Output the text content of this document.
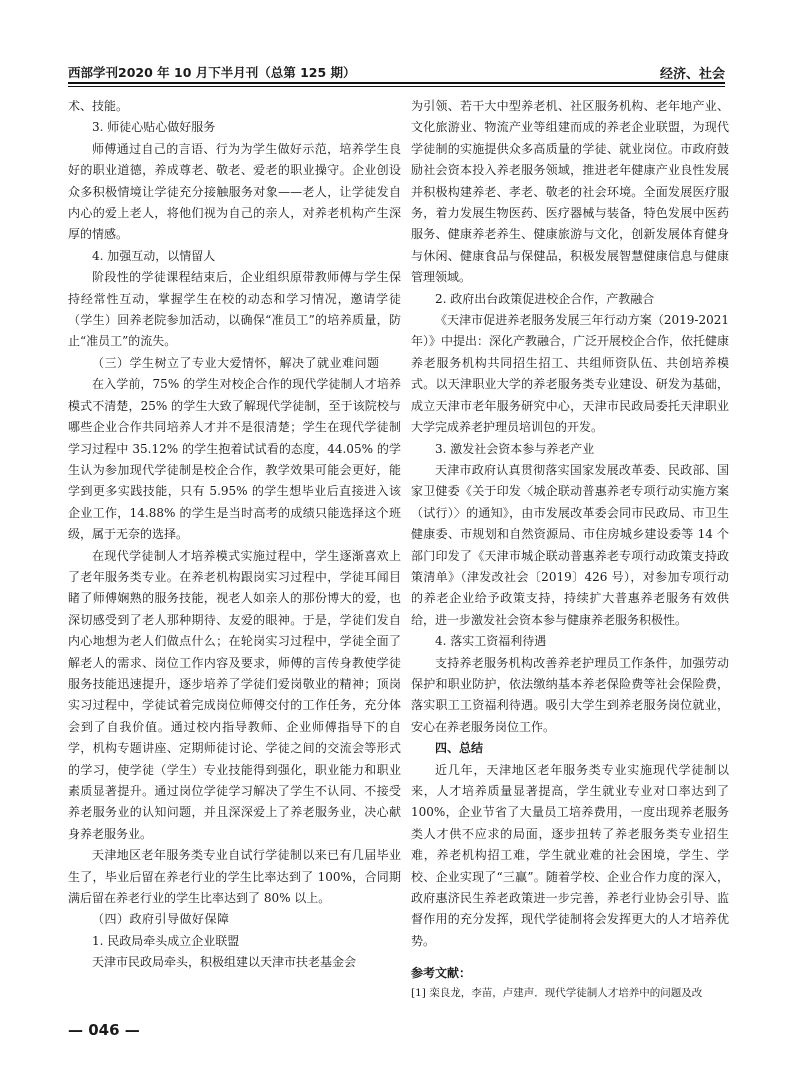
西部学刊2020 年 10 月下半月刊（总第 125 期）	经济、社会

术、技能。

3. 师徒心贴心做好服务

师傅通过自己的言语、行为为学生做好示范，培养学生良好的职业道德，养成尊老、敬老、爱老的职业操守。企业创设众多积极情境让学徒充分接触服务对象——老人，让学徒发自内心的爱上老人，将他们视为自己的亲人，对养老机构产生深厚的情感。

4. 加强互动，以情留人

阶段性的学徒课程结束后，企业组织原带教师傅与学生保持经常性互动，掌握学生在校的动态和学习情况，邀请学徒（学生）回养老院参加活动，以确保“准员工”的培养质量，防止“准员工”的流失。

（三）学生树立了专业大爱情怀，解决了就业难问题

在入学前，75% 的学生对校企合作的现代学徒制人才培养模式不清楚，25% 的学生大致了解现代学徒制，至于该院校与哪些企业合作共同培养人才并不是很清楚；学生在现代学徒制学习过程中 35.12% 的学生抱着试试看的态度，44.05% 的学生认为参加现代学徒制是校企合作，教学效果可能会更好，能学到更多实践技能，只有 5.95% 的学生想毕业后直接进入该企业工作，14.88% 的学生是当时高考的成绩只能选择这个班级，属于无奈的选择。

在现代学徒制人才培养模式实施过程中，学生逐渐喜欢上了老年服务类专业。在养老机构跟岗实习过程中，学徒耳闻目睹了师傅娴熟的服务技能，视老人如亲人的那份博大的爱，也深切感受到了老人那种期待、友爱的眼神。于是，学徒们发自内心地想为老人们做点什么；在轮岗实习过程中，学徒全面了解老人的需求、岗位工作内容及要求，师傅的言传身教使学徒服务技能迅速提升，逐步培养了学徒们爱岗敬业的精神；顶岗实习过程中，学徒试着完成岗位师傅交付的工作任务，充分体会到了自我价值。通过校内指导教师、企业师傅指导下的自学，机构专题讲座、定期师徒讨论、学徒之间的交流会等形式的学习，使学徒（学生）专业技能得到强化，职业能力和职业素质显著提升。通过岗位学徒学习解决了学生不认同、不接受养老服务业的认知问题，并且深深爱上了养老服务业，决心献身养老服务业。

天津地区老年服务类专业自试行学徒制以来已有几届毕业生了，毕业后留在养老行业的学生比率达到了 100%，合同期满后留在养老行业的学生比率达到了 80% 以上。

（四）政府引导做好保障

1. 民政局牵头成立企业联盟

天津市民政局牵头，积极组建以天津市扶老基金会

为引领、若干大中型养老机、社区服务机构、老年地产业、文化旅游业、物流产业等组建而成的养老企业联盟，为现代学徒制的实施提供众多高质量的学徒、就业岗位。市政府鼓励社会资本投入养老服务领域，推进老年健康产业良性发展并积极构建养老、孝老、敬老的社会环境。全面发展医疗服务，着力发展生物医药、医疗器械与装备，特色发展中医药服务、健康养老养生、健康旅游与文化，创新发展体育健身与休闲、健康食品与保健品，积极发展智慧健康信息与健康管理领域。

2. 政府出台政策促进校企合作，产教融合

《天津市促进养老服务发展三年行动方案（2019-2021 年）》中提出：深化产教融合，广泛开展校企合作，依托健康养老服务机构共同招生招工、共组师资队伍、共创培养模式。以天津职业大学的养老服务类专业建设、研发为基础，成立天津市老年服务研究中心，天津市民政局委托天津职业大学完成养老护理员培训包的开发。

3. 激发社会资本参与养老产业

天津市政府认真贯彻落实国家发展改革委、民政部、国家卫健委《关于印发〈城企联动普惠养老专项行动实施方案（试行）〉的通知》，由市发展改革委会同市民政局、市卫生健康委、市规划和自然资源局、市住房城乡建设委等 14 个部门印发了《天津市城企联动普惠养老专项行动政策支持政策清单》（津发改社会〔2019〕426 号），对参加专项行动的养老企业给予政策支持，持续扩大普惠养老服务有效供给，进一步激发社会资本参与健康养老服务积极性。

4. 落实工资福利待遇

支持养老服务机构改善养老护理员工作条件，加强劳动保护和职业防护，依法缴纳基本养老保险费等社会保险费，落实职工工资福利待遇。吸引大学生到养老服务岗位就业，安心在养老服务岗位工作。

四、总结

近几年，天津地区老年服务类专业实施现代学徒制以来，人才培养质量显著提高，学生就业专业对口率达到了 100%，企业节省了大量员工培养费用，一度出现养老服务类人才供不应求的局面，逐步扭转了养老服务类专业招生难，养老机构招工难，学生就业难的社会困境，学生、学校、企业实现了“三赢”。随着学校、企业合作力度的深入，政府惠济民生养老政策进一步完善，养老行业协会引导、监督作用的充分发挥，现代学徒制将会发挥更大的人才培养优势。

参考文献：

[1] 栾良龙，李苗，卢建声．现代学徒制人才培养中的问题及改

— 046 —
